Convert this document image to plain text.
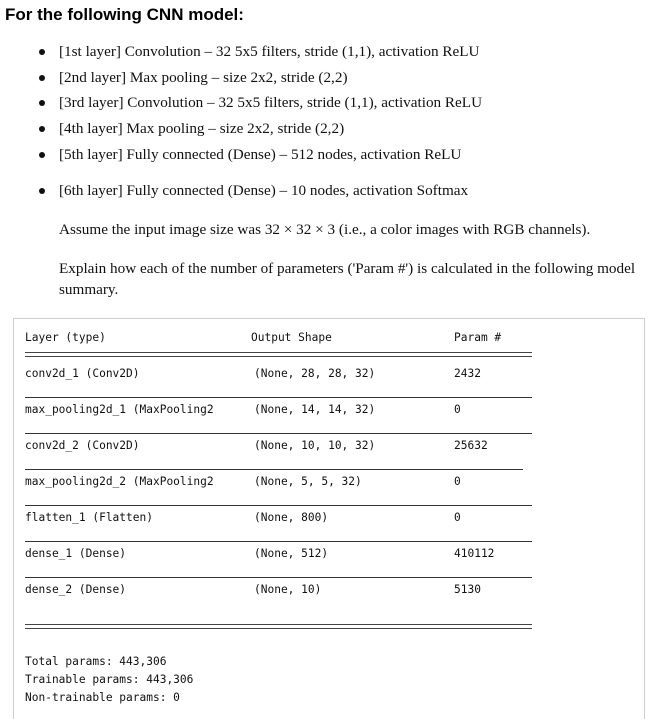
For the following CNN model:
[1st layer] Convolution – 32 5x5 filters, stride (1,1), activation ReLU
[2nd layer] Max pooling – size 2x2, stride (2,2)
[3rd layer] Convolution – 32 5x5 filters, stride (1,1), activation ReLU
[4th layer] Max pooling – size 2x2, stride (2,2)
[5th layer] Fully connected (Dense) – 512 nodes, activation ReLU
[6th layer] Fully connected (Dense) – 10 nodes, activation Softmax

Assume the input image size was 32 × 32 × 3 (i.e., a color images with RGB channels).

Explain how each of the number of parameters ('Param #') is calculated in the following model summary.

Layer (type)	Output Shape	Param #
conv2d_1 (Conv2D)	(None, 28, 28, 32)	2432
max_pooling2d_1 (MaxPooling2	(None, 14, 14, 32)	0
conv2d_2 (Conv2D)	(None, 10, 10, 32)	25632
max_pooling2d_2 (MaxPooling2	(None, 5, 5, 32)	0
flatten_1 (Flatten)	(None, 800)	0
dense_1 (Dense)	(None, 512)	410112
dense_2 (Dense)	(None, 10)	5130
Total params: 443,306
Trainable params: 443,306
Non-trainable params: 0
